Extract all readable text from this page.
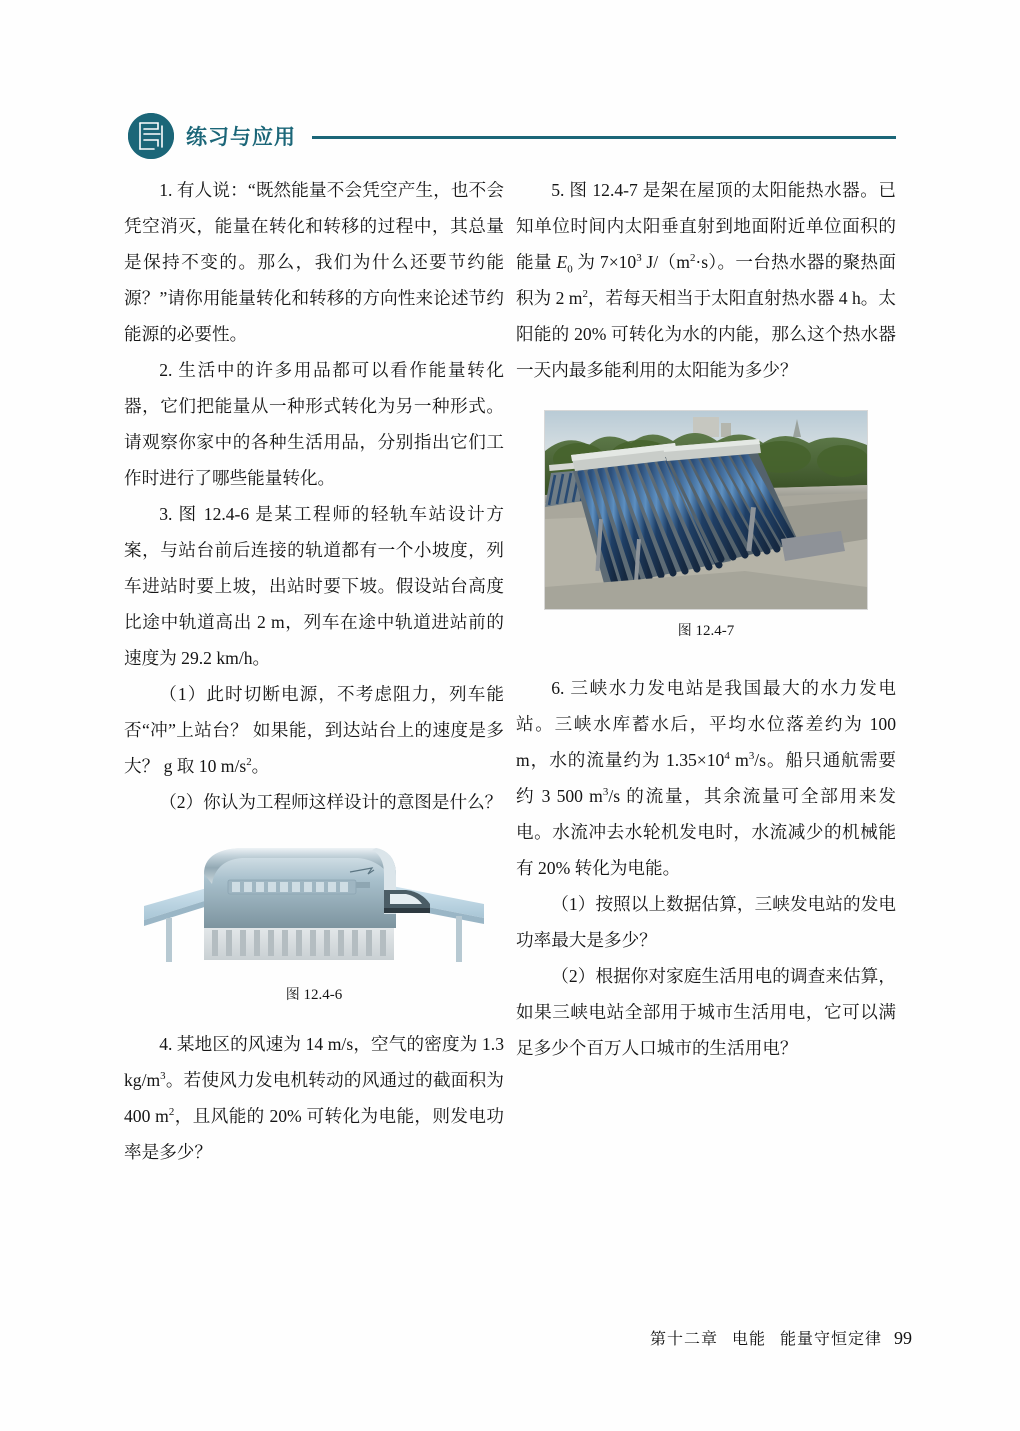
练习与应用

1. 有人说：“既然能量不会凭空产生，也不会凭空消灭，能量在转化和转移的过程中，其总量是保持不变的。那么，我们为什么还要节约能源？”请你用能量转化和转移的方向性来论述节约能源的必要性。

2. 生活中的许多用品都可以看作能量转化器，它们把能量从一种形式转化为另一种形式。请观察你家中的各种生活用品，分别指出它们工作时进行了哪些能量转化。

3. 图 12.4-6 是某工程师的轻轨车站设计方案，与站台前后连接的轨道都有一个小坡度，列车进站时要上坡，出站时要下坡。假设站台高度比途中轨道高出 2 m，列车在途中轨道进站前的速度为 29.2 km/h。

（1）此时切断电源，不考虑阻力，列车能否“冲”上站台？ 如果能，到达站台上的速度是多大？ g 取 10 $m/s^2$。

（2）你认为工程师这样设计的意图是什么？

图 12.4-6

4. 某地区的风速为 14 m/s，空气的密度为 1.3 $kg/m^3$。若使风力发电机转动的风通过的截面积为 400 $m^2$，且风能的 20% 可转化为电能，则发电功率是多少？

5. 图 12.4-7 是架在屋顶的太阳能热水器。已知单位时间内太阳垂直射到地面附近单位面积的能量 $E_0$ 为 $7\times 10^3$ $J/(m^2\cdot s)$。一台热水器的聚热面积为 2 $m^2$，若每天相当于太阳直射热水器 4 h。太阳能的 20% 可转化为水的内能，那么这个热水器一天内最多能利用的太阳能为多少？

图 12.4-7

6. 三峡水力发电站是我国最大的水力发电站。三峡水库蓄水后，平均水位落差约为 100 m，水的流量约为 $1.35\times 10^4$ $m^3/s$。船只通航需要约 3 500 $m^3/s$ 的流量，其余流量可全部用来发电。水流冲去水轮机发电时，水流减少的机械能有 20% 转化为电能。

（1）按照以上数据估算，三峡发电站的发电功率最大是多少？

（2）根据你对家庭生活用电的调查来估算，如果三峡电站全部用于城市生活用电，它可以满足多少个百万人口城市的生活用电？

第十二章 电能 能量守恒定律 99
